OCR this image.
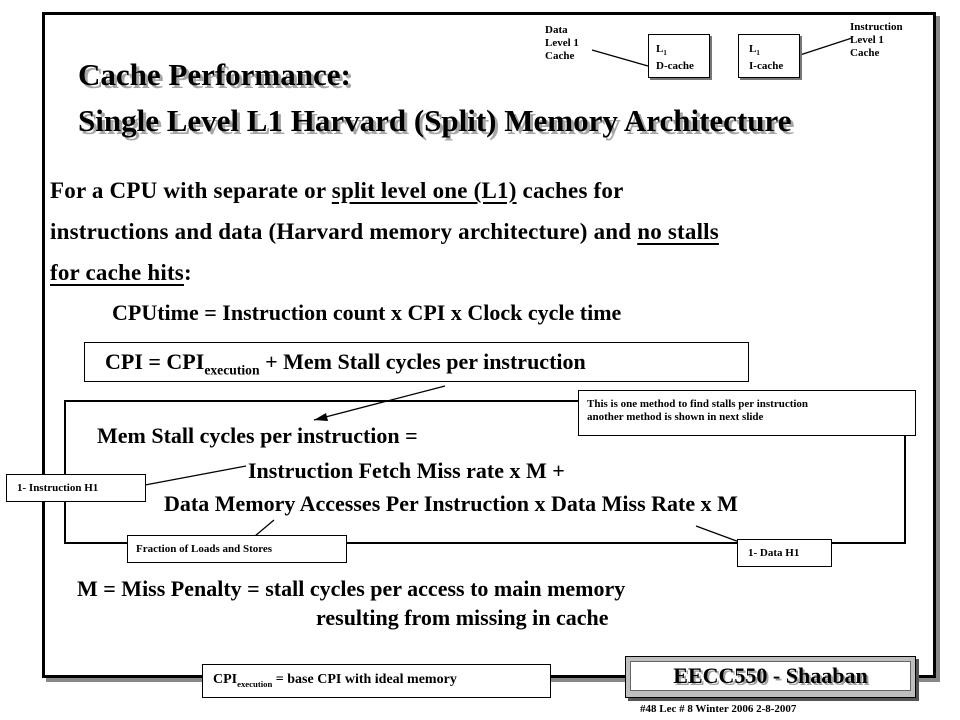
Data
Level 1
Cache
$L_1$
D-cache
$L_1$
I-cache
Instruction
Level 1
Cache
Cache Performance:
Single Level L1 Harvard (Split) Memory Architecture
For a CPU with separate or split level one (L1) caches for
instructions and data (Harvard memory architecture) and no stalls
for cache hits:
CPUtime = Instruction count x CPI x Clock cycle time
CPI = $CPI_{execution}$ + Mem Stall cycles per instruction
Mem Stall cycles per instruction =
Instruction Fetch Miss rate x M +
Data Memory Accesses Per Instruction x Data Miss Rate x M
This is one method to find stalls per instruction
another method is shown in next slide
1- Instruction H1
Fraction of Loads and Stores	1- Data H1
M = Miss Penalty = stall cycles per access to main memory
resulting from missing in cache
$CPI_{execution}$ = base CPI with ideal memory	EECC550 - Shaaban
#48 Lec # 8 Winter 2006 2-8-2007
